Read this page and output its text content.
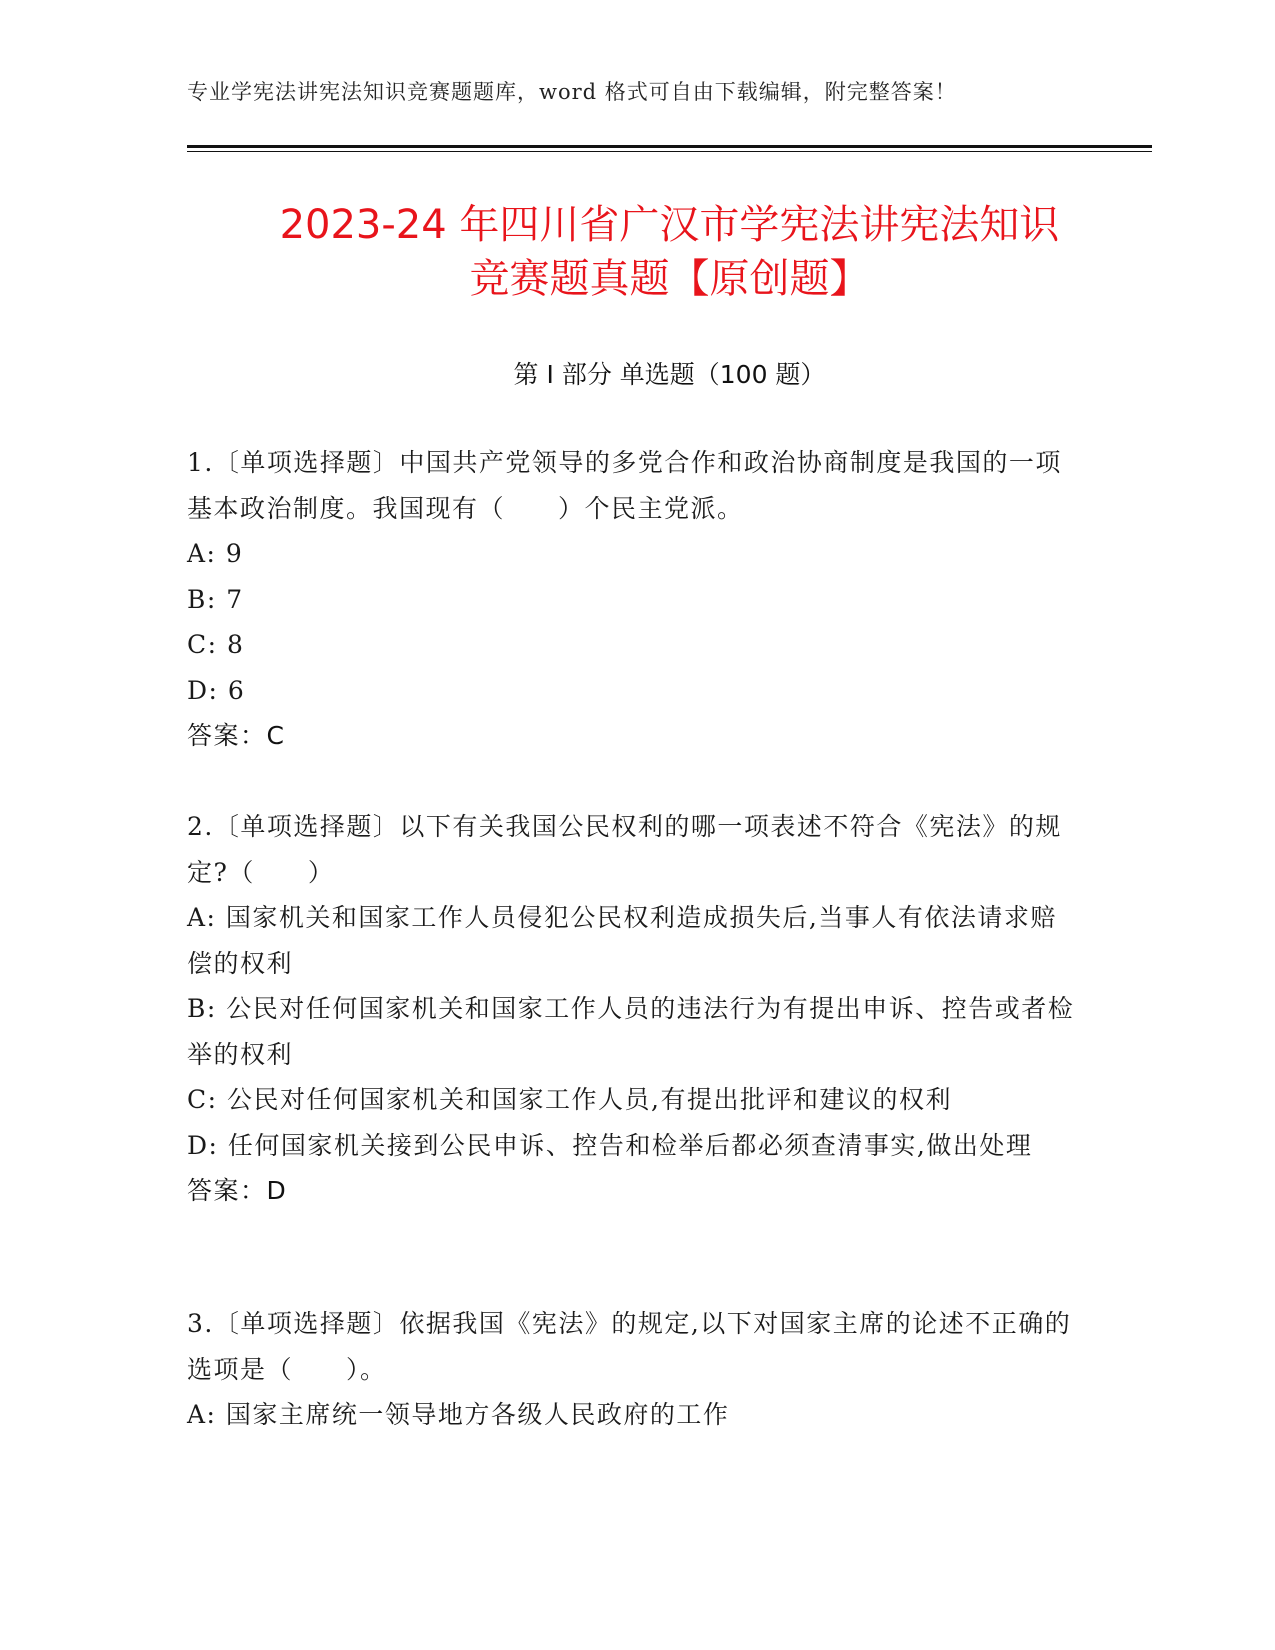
专业学宪法讲宪法知识竞赛题题库，word 格式可自由下载编辑，附完整答案！
2023-24 年四川省广汉市学宪法讲宪法知识
竞赛题真题【原创题】
第 I 部分 单选题（100 题）

1.〔单项选择题〕中国共产党领导的多党合作和政治协商制度是我国的一项基本政治制度。我国现有（　　）个民主党派。

A: 9

B: 7

C: 8

D: 6

答案：C

2.〔单项选择题〕以下有关我国公民权利的哪一项表述不符合《宪法》的规定?（　　）

A: 国家机关和国家工作人员侵犯公民权利造成损失后,当事人有依法请求赔偿的权利

B: 公民对任何国家机关和国家工作人员的违法行为有提出申诉、控告或者检举的权利

C: 公民对任何国家机关和国家工作人员,有提出批评和建议的权利

D: 任何国家机关接到公民申诉、控告和检举后都必须查清事实,做出处理

答案：D

3.〔单项选择题〕依据我国《宪法》的规定,以下对国家主席的论述不正确的选项是（　　）。

A: 国家主席统一领导地方各级人民政府的工作
